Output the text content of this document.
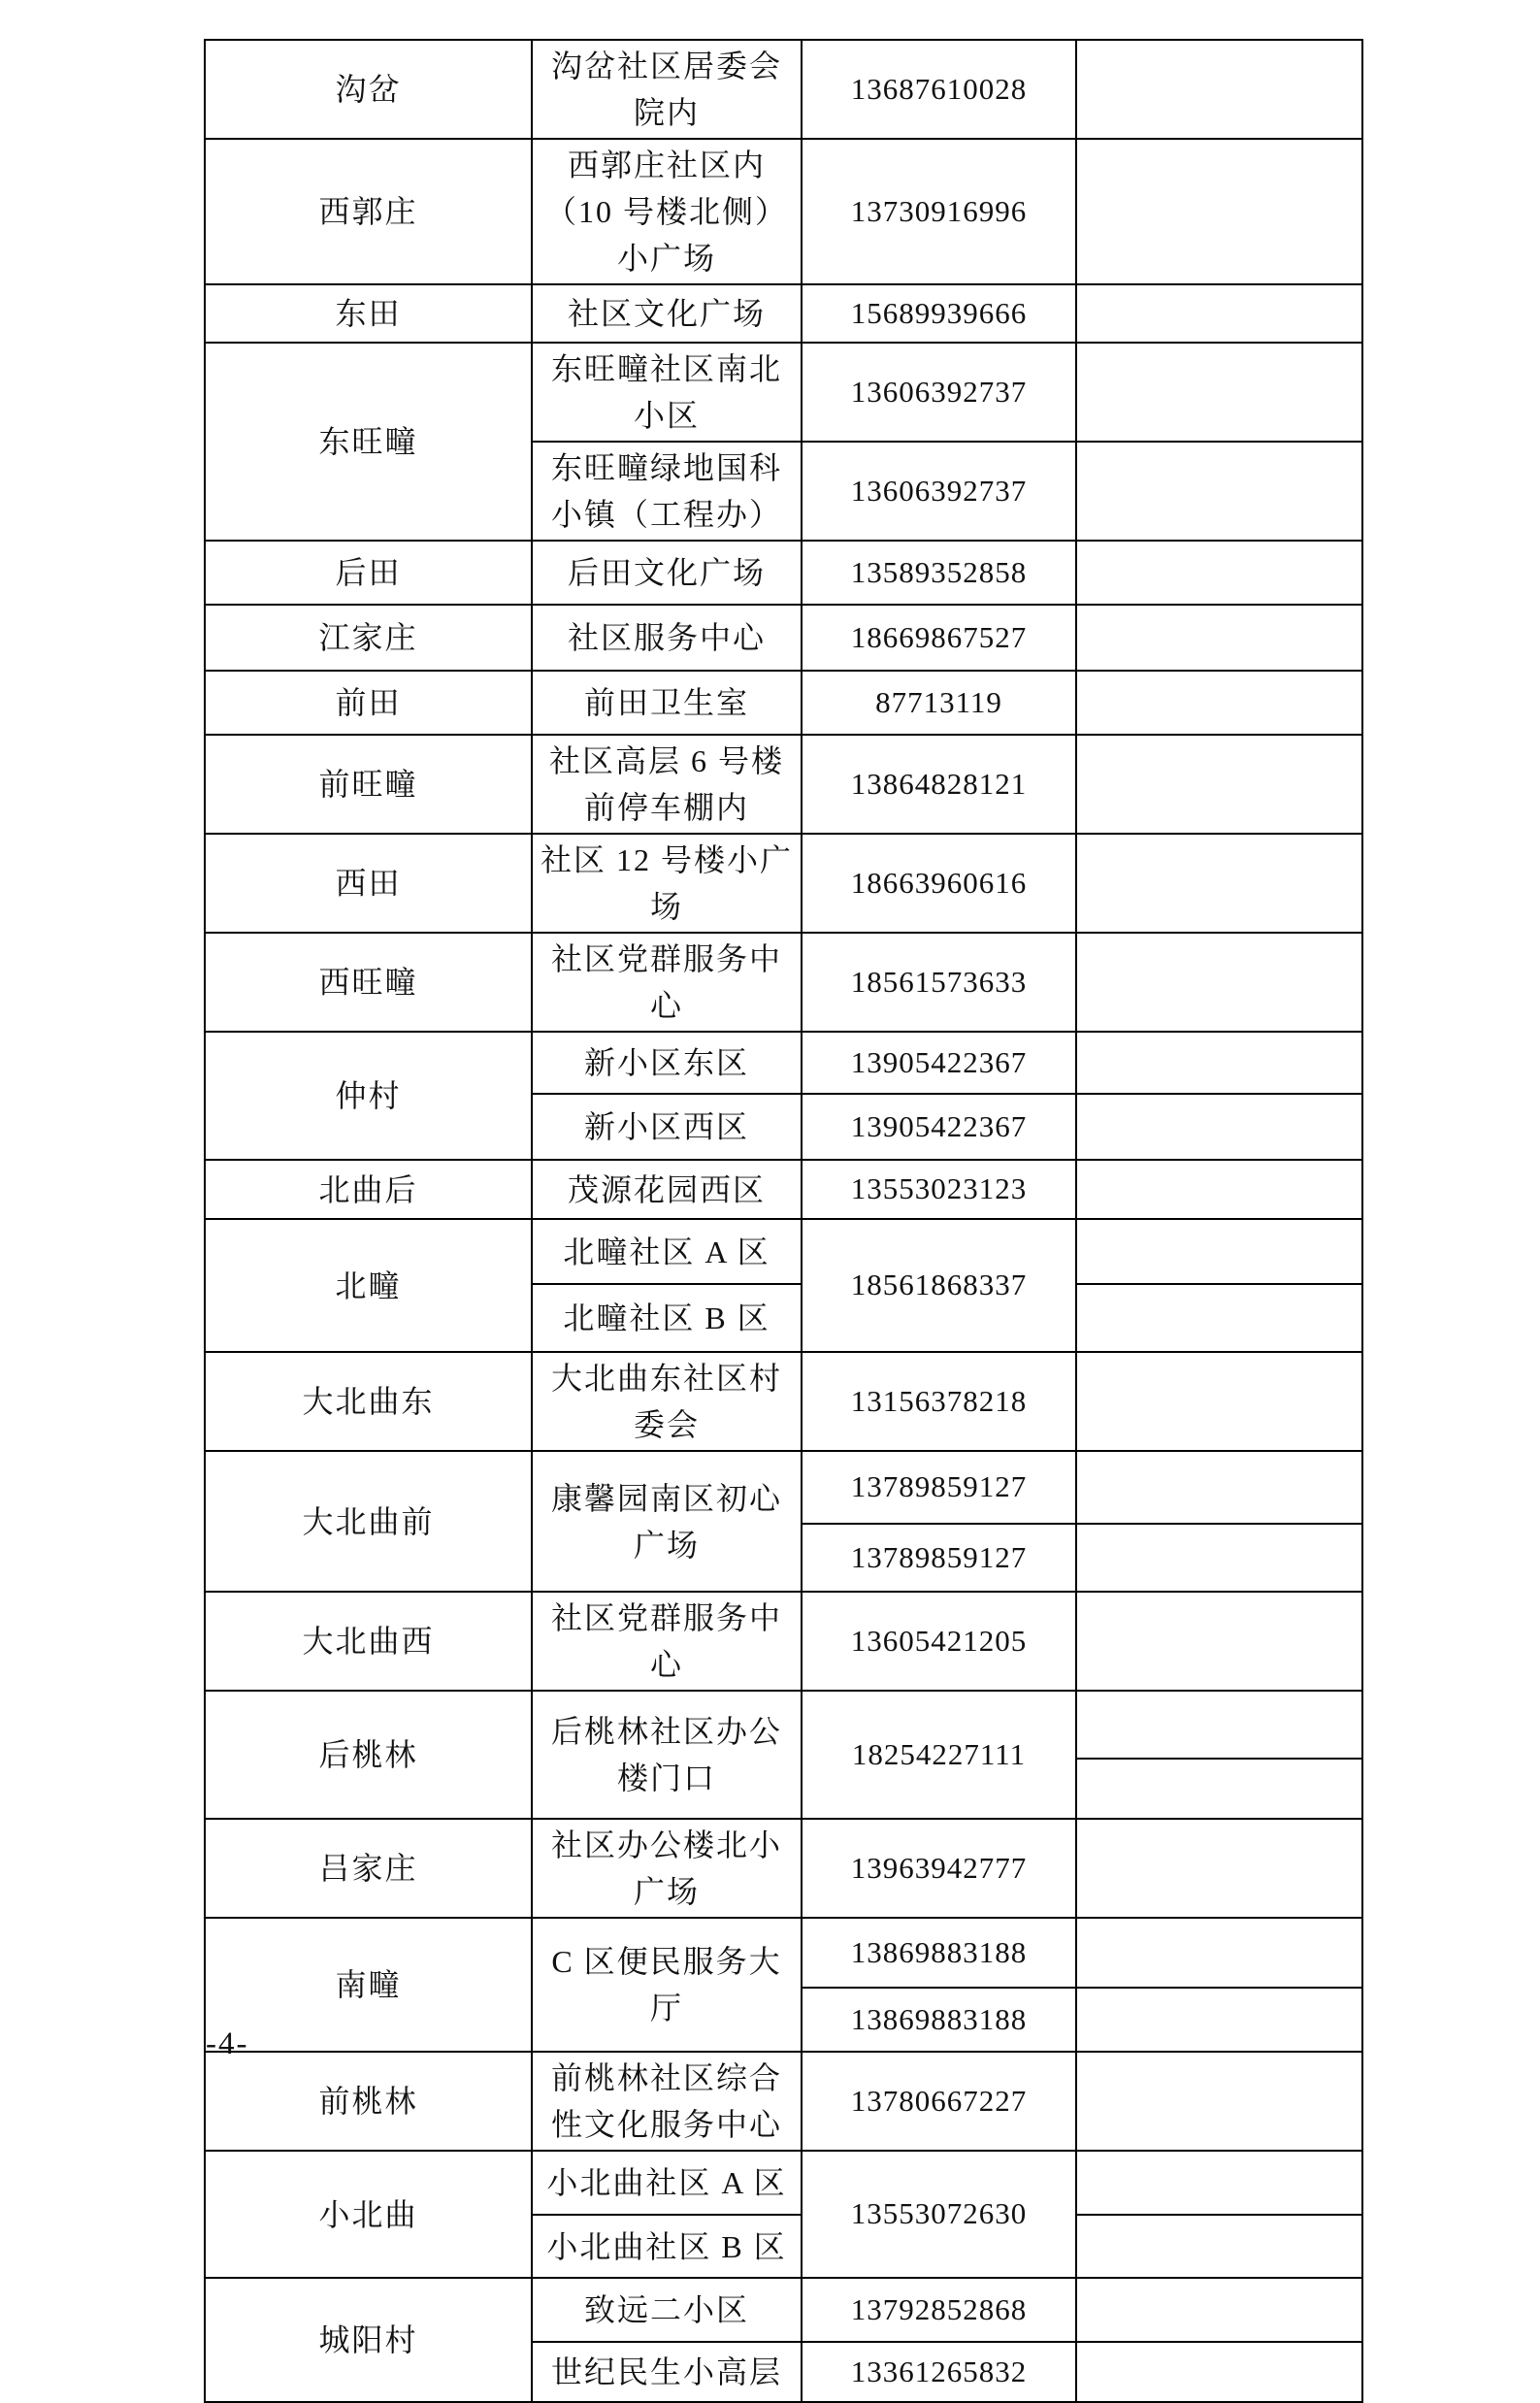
沟岔	沟岔社区居委会院内	13687610028	
西郭庄	西郭庄社区内（10 号楼北侧）小广场	13730916996	
东田	社区文化广场	15689939666	
东旺疃	东旺疃社区南北小区	13606392737	
	东旺疃绿地国科小镇（工程办）	13606392737	
后田	后田文化广场	13589352858	
江家庄	社区服务中心	18669867527	
前田	前田卫生室	87713119	
前旺疃	社区高层 6 号楼前停车棚内	13864828121	
西田	社区 12 号楼小广场	18663960616	
西旺疃	社区党群服务中心	18561573633	
仲村	新小区东区	13905422367	
	新小区西区	13905422367	
北曲后	茂源花园西区	13553023123	
北疃	北疃社区 A 区	18561868337	
	北疃社区 B 区		
大北曲东	大北曲东社区村委会	13156378218	
大北曲前	康馨园南区初心广场	13789859127	
		13789859127	
大北曲西	社区党群服务中心	13605421205	
后桃林	后桃林社区办公楼门口	18254227111	

吕家庄	社区办公楼北小广场	13963942777	
南疃	C 区便民服务大厅	13869883188	
		13869883188	
前桃林	前桃林社区综合性文化服务中心	13780667227	
小北曲	小北曲社区 A 区	13553072630	
	小北曲社区 B 区		
城阳村	致远二小区	13792852868	
	世纪民生小高层	13361265832	
-4-
